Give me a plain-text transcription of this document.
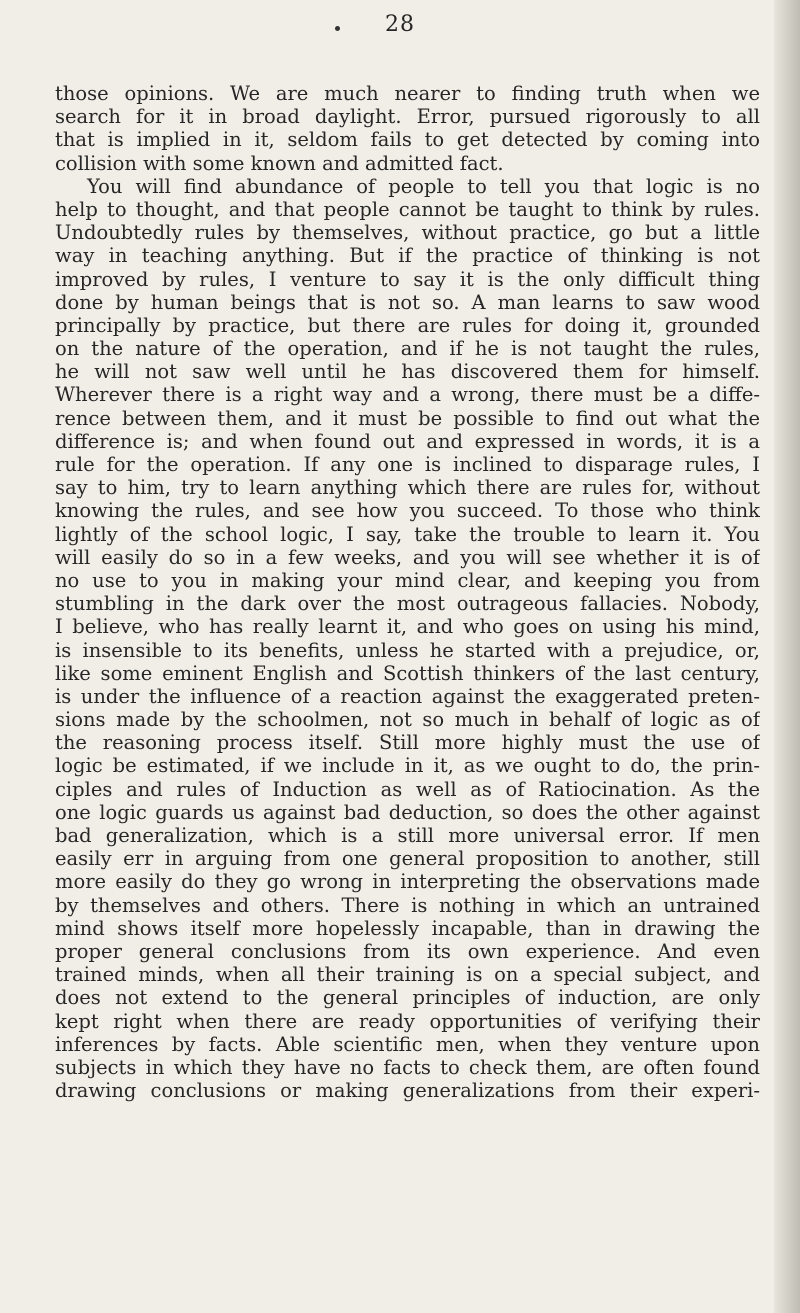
28
those opinions. We are much nearer to finding truth when we
search for it in broad daylight. Error, pursued rigorously to all
that is implied in it, seldom fails to get detected by coming into
collision with some known and admitted fact.
You will find abundance of people to tell you that logic is no
help to thought, and that people cannot be taught to think by rules.
Undoubtedly rules by themselves, without practice, go but a little
way in teaching anything. But if the practice of thinking is not
improved by rules, I venture to say it is the only difficult thing
done by human beings that is not so. A man learns to saw wood
principally by practice, but there are rules for doing it, grounded
on the nature of the operation, and if he is not taught the rules,
he will not saw well until he has discovered them for himself.
Wherever there is a right way and a wrong, there must be a diffe-
rence between them, and it must be possible to find out what the
difference is; and when found out and expressed in words, it is a
rule for the operation. If any one is inclined to disparage rules, I
say to him, try to learn anything which there are rules for, without
knowing the rules, and see how you succeed. To those who think
lightly of the school logic, I say, take the trouble to learn it. You
will easily do so in a few weeks, and you will see whether it is of
no use to you in making your mind clear, and keeping you from
stumbling in the dark over the most outrageous fallacies. Nobody,
I believe, who has really learnt it, and who goes on using his mind,
is insensible to its benefits, unless he started with a prejudice, or,
like some eminent English and Scottish thinkers of the last century,
is under the influence of a reaction against the exaggerated preten-
sions made by the schoolmen, not so much in behalf of logic as of
the reasoning process itself. Still more highly must the use of
logic be estimated, if we include in it, as we ought to do, the prin-
ciples and rules of Induction as well as of Ratiocination. As the
one logic guards us against bad deduction, so does the other against
bad generalization, which is a still more universal error. If men
easily err in arguing from one general proposition to another, still
more easily do they go wrong in interpreting the observations made
by themselves and others. There is nothing in which an untrained
mind shows itself more hopelessly incapable, than in drawing the
proper general conclusions from its own experience. And even
trained minds, when all their training is on a special subject, and
does not extend to the general principles of induction, are only
kept right when there are ready opportunities of verifying their
inferences by facts. Able scientific men, when they venture upon
subjects in which they have no facts to check them, are often found
drawing conclusions or making generalizations from their experi-
